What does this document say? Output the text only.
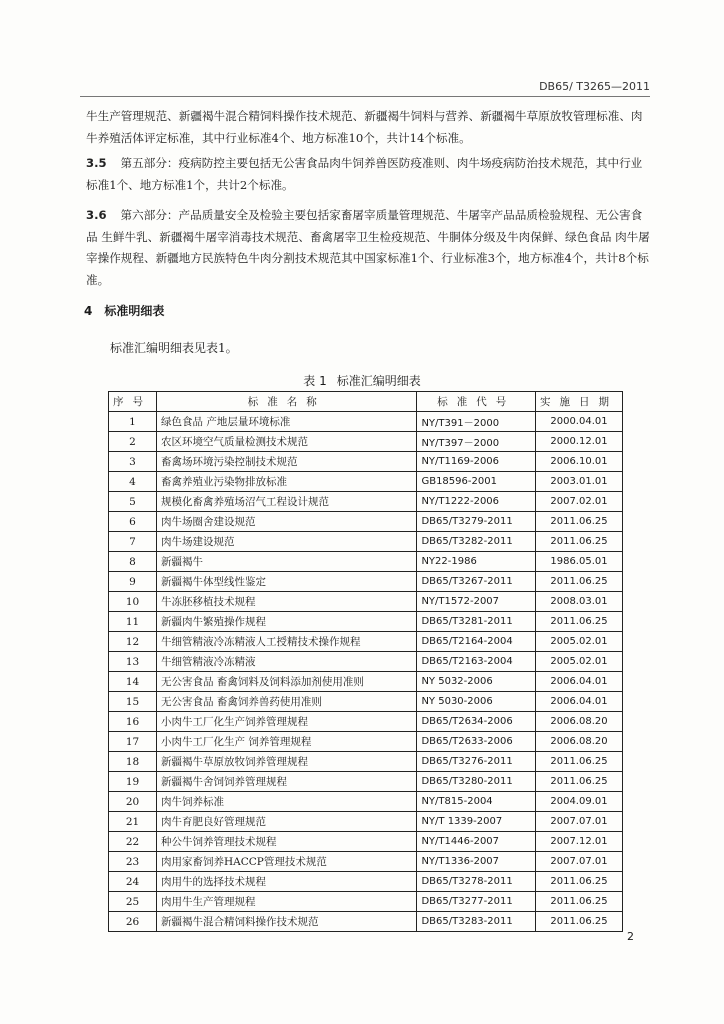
DB65/ T3265—2011
牛生产管理规范、新疆褐牛混合精饲料操作技术规范、新疆褐牛饲料与营养、新疆褐牛草原放牧管理标准、肉牛养殖活体评定标准，其中行业标准4个、地方标准10个，共计14个标准。
3.5 第五部分：疫病防控主要包括无公害食品肉牛饲养兽医防疫准则、肉牛场疫病防治技术规范，其中行业标准1个、地方标准1个，共计2个标准。
3.6 第六部分：产品质量安全及检验主要包括家畜屠宰质量管理规范、牛屠宰产品品质检验规程、无公害食品 生鲜牛乳、新疆褐牛屠宰消毒技术规范、畜禽屠宰卫生检疫规范、牛胴体分级及牛肉保鲜、绿色食品 肉牛屠宰操作规程、新疆地方民族特色牛肉分割技术规范其中国家标准1个、行业标准3个，地方标准4个，共计8个标准。
4 标准明细表
标准汇编明细表见表1。
表 1 标准汇编明细表
序号	标准名称	标准代号	实施日期
1	绿色食品 产地层量环境标准	NY/T391－2000	2000.04.01
2	农区环境空气质量检测技术规范	NY/T397－2000	2000.12.01
3	畜禽场环境污染控制技术规范	NY/T1169-2006	2006.10.01
4	畜禽养殖业污染物排放标准	GB18596-2001	2003.01.01
5	规模化畜禽养殖场沼气工程设计规范	NY/T1222-2006	2007.02.01
6	肉牛场圈舍建设规范	DB65/T3279-2011	2011.06.25
7	肉牛场建设规范	DB65/T3282-2011	2011.06.25
8	新疆褐牛	NY22-1986	1986.05.01
9	新疆褐牛体型线性鉴定	DB65/T3267-2011	2011.06.25
10	牛冻胚移植技术规程	NY/T1572-2007	2008.03.01
11	新疆肉牛繁殖操作规程	DB65/T3281-2011	2011.06.25
12	牛细管精液冷冻精液人工授精技术操作规程	DB65/T2164-2004	2005.02.01
13	牛细管精液冷冻精液	DB65/T2163-2004	2005.02.01
14	无公害食品 畜禽饲料及饲料添加剂使用准则	NY 5032-2006	2006.04.01
15	无公害食品 畜禽饲养兽药使用准则	NY 5030-2006	2006.04.01
16	小肉牛工厂化生产饲养管理规程	DB65/T2634-2006	2006.08.20
17	小肉牛工厂化生产 饲养管理规程	DB65/T2633-2006	2006.08.20
18	新疆褐牛草原放牧饲养管理规程	DB65/T3276-2011	2011.06.25
19	新疆褐牛舍饲饲养管理规程	DB65/T3280-2011	2011.06.25
20	肉牛饲养标准	NY/T815-2004	2004.09.01
21	肉牛育肥良好管理规范	NY/T 1339-2007	2007.07.01
22	种公牛饲养管理技术规程	NY/T1446-2007	2007.12.01
23	肉用家畜饲养HACCP管理技术规范	NY/T1336-2007	2007.07.01
24	肉用牛的选择技术规程	DB65/T3278-2011	2011.06.25
25	肉用牛生产管理规程	DB65/T3277-2011	2011.06.25
26	新疆褐牛混合精饲料操作技术规范	DB65/T3283-2011	2011.06.25
2
